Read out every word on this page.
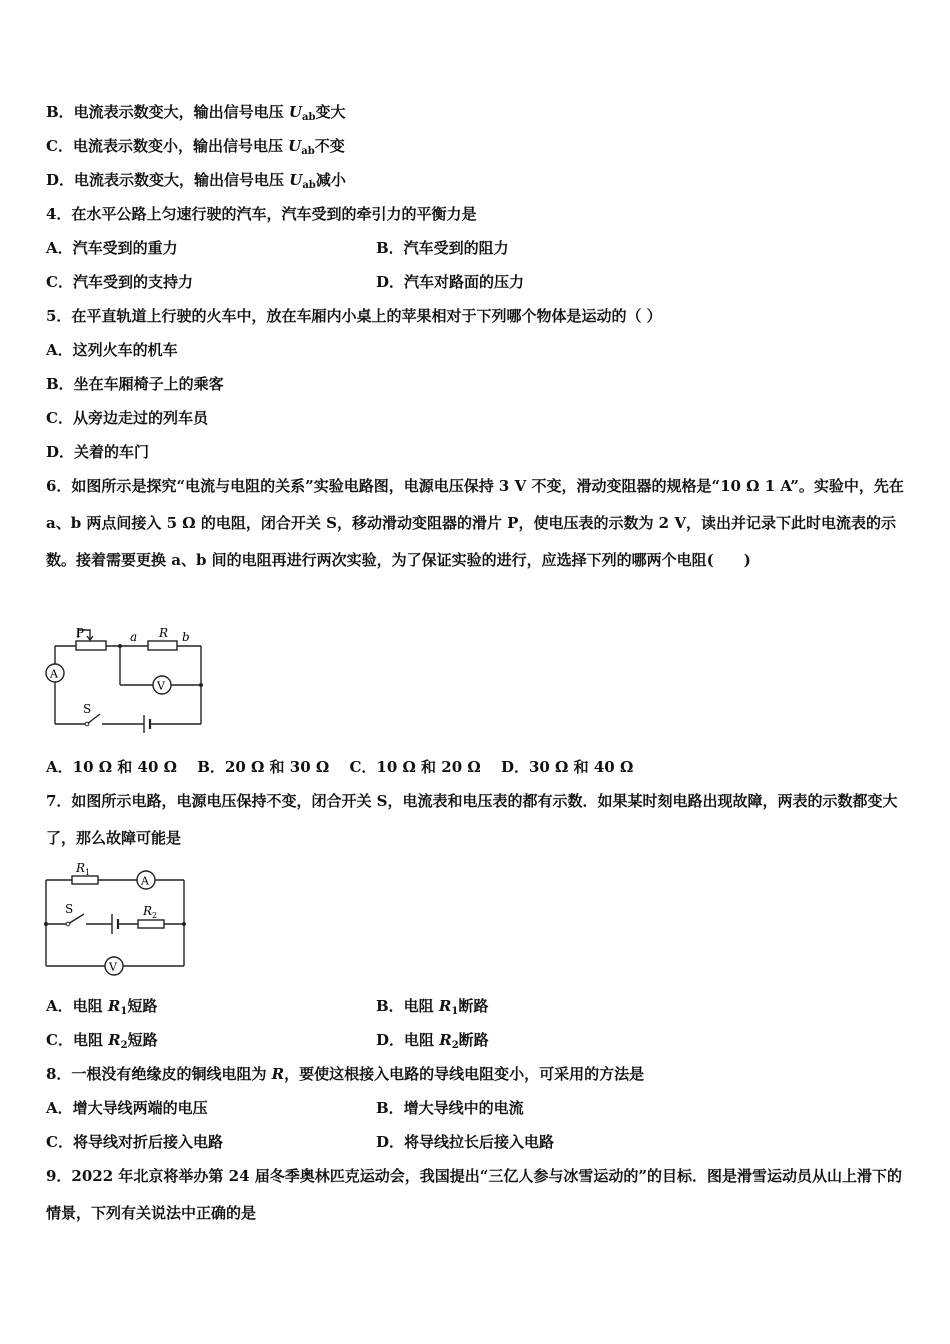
B．电流表示数变大，输出信号电压 $U_{ab}$变大
C．电流表示数变小，输出信号电压 $U_{ab}$不变
D．电流表示数变大，输出信号电压 $U_{ab}$减小
4．在水平公路上匀速行驶的汽车，汽车受到的牵引力的平衡力是
A．汽车受到的重力	B．汽车受到的阻力
C．汽车受到的支持力	D．汽车对路面的压力
5．在平直轨道上行驶的火车中，放在车厢内小桌上的苹果相对于下列哪个物体是运动的（ ）
A．这列火车的机车
B．坐在车厢椅子上的乘客
C．从旁边走过的列车员
D．关着的车门
6．如图所示是探究“电流与电阻的关系”实验电路图，电源电压保持 3 V 不变，滑动变阻器的规格是“10 Ω 1 A”。实验中，先在 a、b 两点间接入 5 Ω 的电阻，闭合开关 S，移动滑动变阻器的滑片 P，使电压表的示数为 2 V，读出并记录下此时电流表的示数。接着需要更换 a、b 间的电阻再进行两次实验，为了保证实验的进行，应选择下列的哪两个电阻(　　)
P	a R b
A
V
S
A．10 Ω 和 40 Ω　 B．20 Ω 和 30 Ω　 C．10 Ω 和 20 Ω　 D．30 Ω 和 40 Ω
7．如图所示电路，电源电压保持不变，闭合开关 S，电流表和电压表的都有示数．如果某时刻电路出现故障，两表的示数都变大了，那么故障可能是
$R_1$
A
S	$R_2$
V
A．电阻 $R_1$短路	B．电阻 $R_1$断路
C．电阻 $R_2$短路	D．电阻 $R_2$断路
8．一根没有绝缘皮的铜线电阻为 R，要使这根接入电路的导线电阻变小，可采用的方法是
A．增大导线两端的电压	B．增大导线中的电流
C．将导线对折后接入电路	D．将导线拉长后接入电路
9．2022 年北京将举办第 24 届冬季奥林匹克运动会，我国提出“三亿人参与冰雪运动的”的目标．图是滑雪运动员从山上滑下的情景，下列有关说法中正确的是
